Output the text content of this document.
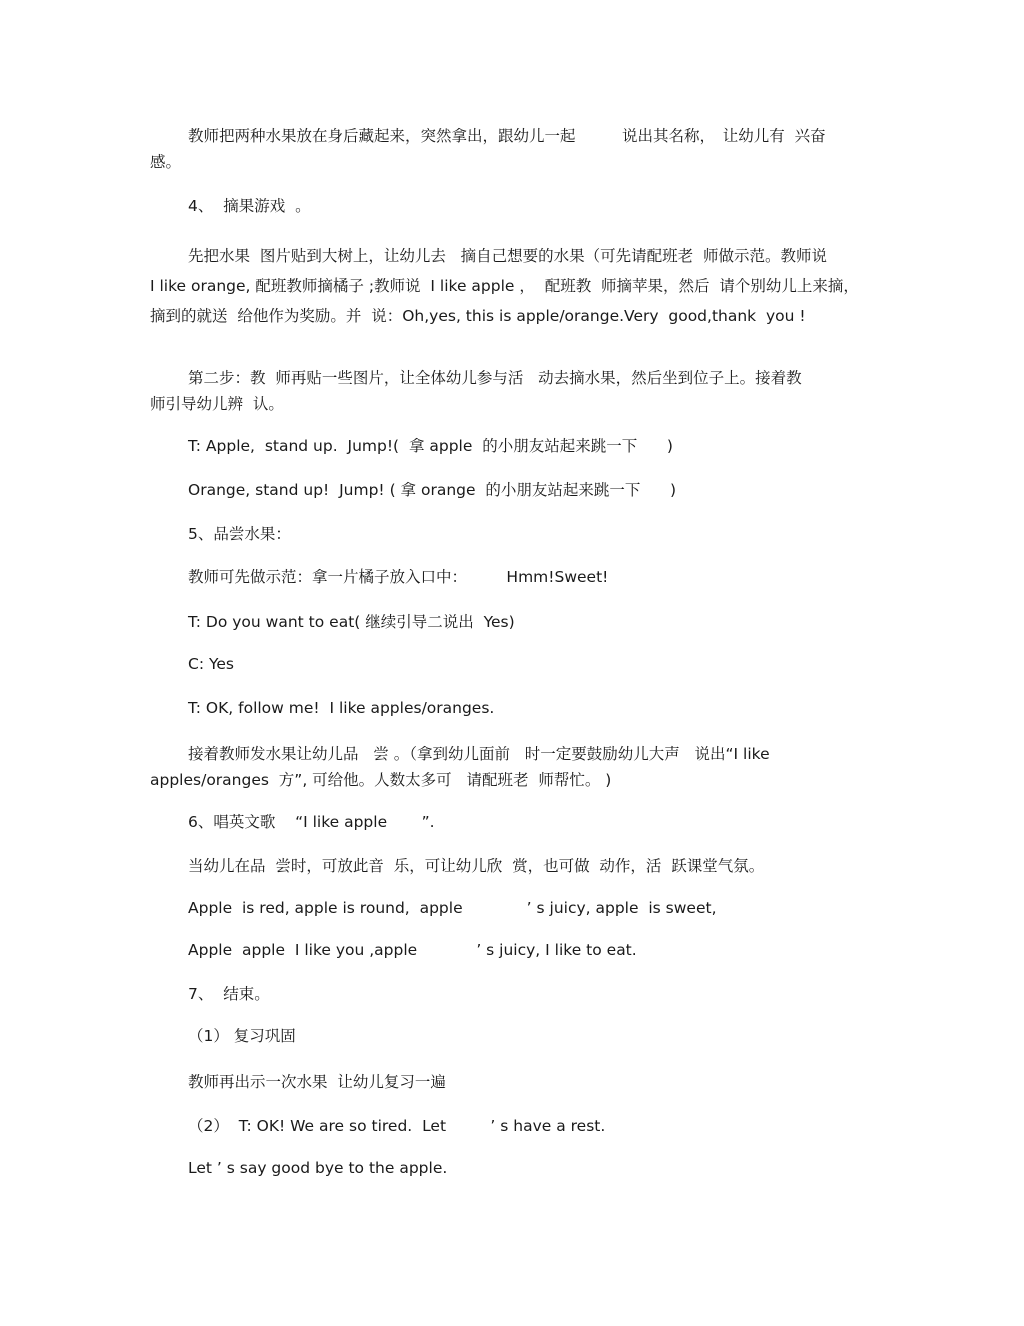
教师把两种水果放在身后藏起来，突然拿出，跟幼儿一起　　　说出其名称，　让幼儿有  兴奋
感。
4、  摘果游戏  。
先把水果  图片贴到大树上，让幼儿去   摘自己想要的水果（可先请配班老  师做示范。教师说
I like orange, 配班教师摘橘子 ;教师说  I like apple ，  配班教  师摘苹果，然后  请个别幼儿上来摘，
摘到的就送  给他作为奖励。并  说：Oh,yes, this is apple/orange.Very  good,thank  you !
第二步：教  师再贴一些图片，让全体幼儿参与活   动去摘水果，然后坐到位子上。接着教
师引导幼儿辨  认。
T: Apple,  stand up.  Jump!(  拿 apple  的小朋友站起来跳一下      )
Orange, stand up!  Jump! ( 拿 orange  的小朋友站起来跳一下      )
5、品尝水果：
教师可先做示范：拿一片橘子放入口中：        Hmm!Sweet!
T: Do you want to eat( 继续引导二说出  Yes)
C: Yes
T: OK, follow me!  I like apples/oranges.
接着教师发水果让幼儿品   尝 。（拿到幼儿面前   时一定要鼓励幼儿大声   说出“I like
apples/oranges  方”, 可给他。人数太多可   请配班老  师帮忙。 )
6、唱英文歌    “I like apple       ”.
当幼儿在品  尝时，可放此音  乐，可让幼儿欣  赏，也可做  动作，活  跃课堂气氛。
Apple  is red, apple is round,  apple             ’ s juicy, apple  is sweet,
Apple  apple  I like you ,apple            ’ s juicy, I like to eat.
7、  结束。
（1） 复习巩固
教师再出示一次水果  让幼儿复习一遍
（2）  T: OK! We are so tired.  Let         ’ s have a rest.
Let ’ s say good bye to the apple.
